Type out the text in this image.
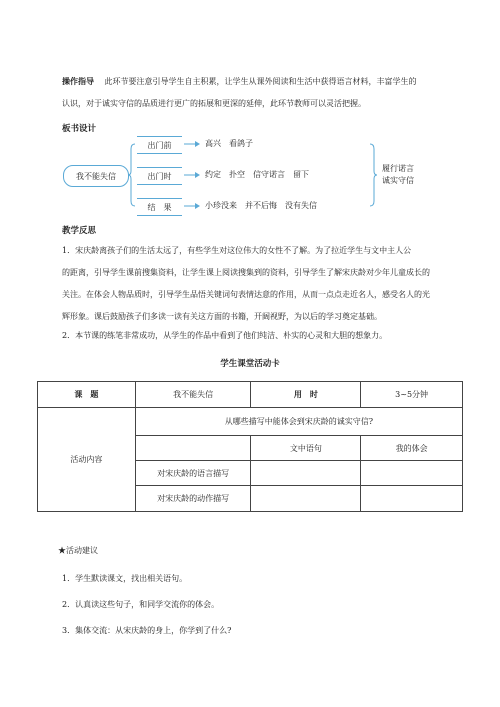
操作指导 此环节要注意引导学生自主积累，让学生从课外阅读和生活中获得语言材料，丰富学生的
认识，对于诚实守信的品质进行更广的拓展和更深的延伸，此环节教师可以灵活把握。
板书设计
我不能失信
出门前	高兴　看鸽子
出门时	约定　扑空　信守诺言　留下
结　果	小珍没来　并不后悔　没有失信
履行诺言
诚实守信
教学反思
1．宋庆龄离孩子们的生活太远了，有些学生对这位伟大的女性不了解。为了拉近学生与文中主人公
的距离，引导学生课前搜集资料，让学生课上阅读搜集到的资料，引导学生了解宋庆龄对少年儿童成长的
关注。在体会人物品质时，引导学生品悟关键词句表情达意的作用，从而一点点走近名人，感受名人的光
辉形象。课后鼓励孩子们多读一读有关这方面的书籍，开阔视野，为以后的学习奠定基础。
2．本节课的练笔非常成功，从学生的作品中看到了他们纯洁、朴实的心灵和大胆的想象力。
学生课堂活动卡
课　题	我不能失信	用　时	3~5分钟
活动内容	从哪些描写中能体会到宋庆龄的诚实守信?		
		文中语句	我的体会
	对宋庆龄的语言描写		
	对宋庆龄的动作描写		
★活动建议
1．学生默读课文，找出相关语句。
2．认真读这些句子，和同学交流你的体会。
3．集体交流：从宋庆龄的身上，你学到了什么?
